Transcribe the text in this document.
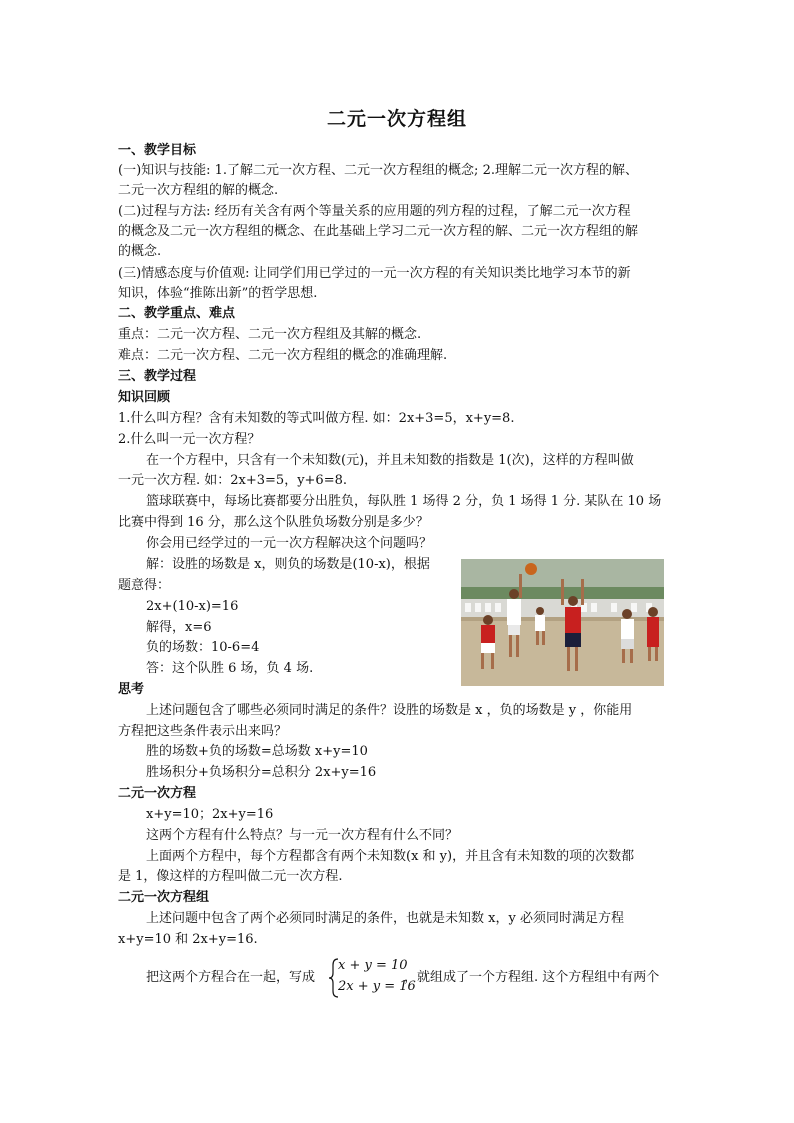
二元一次方程组
一、教学目标
(一)知识与技能: 1.了解二元一次方程、二元一次方程组的概念; 2.理解二元一次方程的解、
二元一次方程组的解的概念.
(二)过程与方法: 经历有关含有两个等量关系的应用题的列方程的过程，了解二元一次方程
的概念及二元一次方程组的概念、在此基础上学习二元一次方程的解、二元一次方程组的解
的概念.
(三)情感态度与价值观: 让同学们用已学过的一元一次方程的有关知识类比地学习本节的新
知识，体验“推陈出新”的哲学思想.
二、教学重点、难点
重点：二元一次方程、二元一次方程组及其解的概念.
难点：二元一次方程、二元一次方程组的概念的准确理解.
三、教学过程
知识回顾
1.什么叫方程？含有未知数的等式叫做方程. 如：2x+3=5，x+y=8.
2.什么叫一元一次方程？
在一个方程中，只含有一个未知数(元)，并且未知数的指数是 1(次)，这样的方程叫做
一元一次方程. 如：2x+3=5，y+6=8.
篮球联赛中，每场比赛都要分出胜负，每队胜 1 场得 2 分，负 1 场得 1 分. 某队在 10 场
比赛中得到 16 分，那么这个队胜负场数分别是多少？
你会用已经学过的一元一次方程解决这个问题吗？
解：设胜的场数是 x，则负的场数是(10-x)，根据
题意得：
2x+(10-x)=16
解得，x=6
负的场数：10-6=4
答：这个队胜 6 场，负 4 场.
思考
上述问题包含了哪些必须同时满足的条件？设胜的场数是 x ，负的场数是 y ，你能用
方程把这些条件表示出来吗？
胜的场数+负的场数=总场数 x+y=10
胜场积分+负场积分=总积分 2x+y=16
二元一次方程
x+y=10；2x+y=16
这两个方程有什么特点？与一元一次方程有什么不同？
上面两个方程中，每个方程都含有两个未知数(x 和 y)，并且含有未知数的项的次数都
是 1，像这样的方程叫做二元一次方程.
二元一次方程组
上述问题中包含了两个必须同时满足的条件，也就是未知数 x，y 必须同时满足方程
x+y=10 和 2x+y=16.
把这两个方程合在一起，写成	，就组成了一个方程组. 这个方程组中有两个
x + y = 10
2x + y = 16
